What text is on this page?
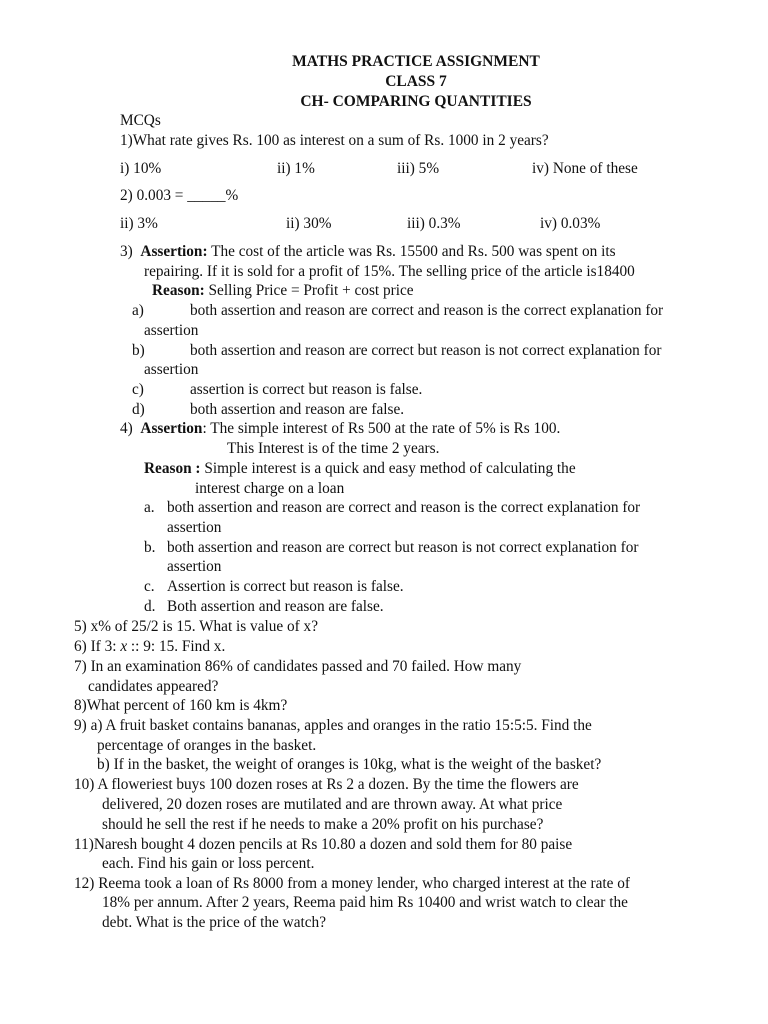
MATHS PRACTICE ASSIGNMENT
CLASS 7
CH- COMPARING QUANTITIES
MCQs
1)What rate gives Rs. 100 as interest on a sum of Rs. 1000 in 2 years?
i) 10%	ii) 1%	iii) 5%	iv) None of these
2) 0.003 = _____%
ii) 3%	ii) 30%	iii) 0.3%	iv) 0.03%
3) Assertion: The cost of the article was Rs. 15500 and Rs. 500 was spent on its
repairing. If it is sold for a profit of 15%. The selling price of the article is18400
Reason: Selling Price = Profit + cost price
a)	both assertion and reason are correct and reason is the correct explanation for
assertion
b)	both assertion and reason are correct but reason is not correct explanation for
assertion
c)	assertion is correct but reason is false.
d)	both assertion and reason are false.
4) Assertion: The simple interest of Rs 500 at the rate of 5% is Rs 100.
This Interest is of the time 2 years.
Reason : Simple interest is a quick and easy method of calculating the
interest charge on a loan
a. both assertion and reason are correct and reason is the correct explanation for
assertion
b. both assertion and reason are correct but reason is not correct explanation for
assertion
c. Assertion is correct but reason is false.
d. Both assertion and reason are false.
5) x% of 25/2 is 15. What is value of x?
6) If 3: x :: 9: 15. Find x.
7) In an examination 86% of candidates passed and 70 failed. How many
candidates appeared?
8)What percent of 160 km is 4km?
9) a) A fruit basket contains bananas, apples and oranges in the ratio 15:5:5. Find the
percentage of oranges in the basket.
b) If in the basket, the weight of oranges is 10kg, what is the weight of the basket?
10) A floweriest buys 100 dozen roses at Rs 2 a dozen. By the time the flowers are
delivered, 20 dozen roses are mutilated and are thrown away. At what price
should he sell the rest if he needs to make a 20% profit on his purchase?
11)Naresh bought 4 dozen pencils at Rs 10.80 a dozen and sold them for 80 paise
each. Find his gain or loss percent.
12) Reema took a loan of Rs 8000 from a money lender, who charged interest at the rate of
18% per annum. After 2 years, Reema paid him Rs 10400 and wrist watch to clear the
debt. What is the price of the watch?
